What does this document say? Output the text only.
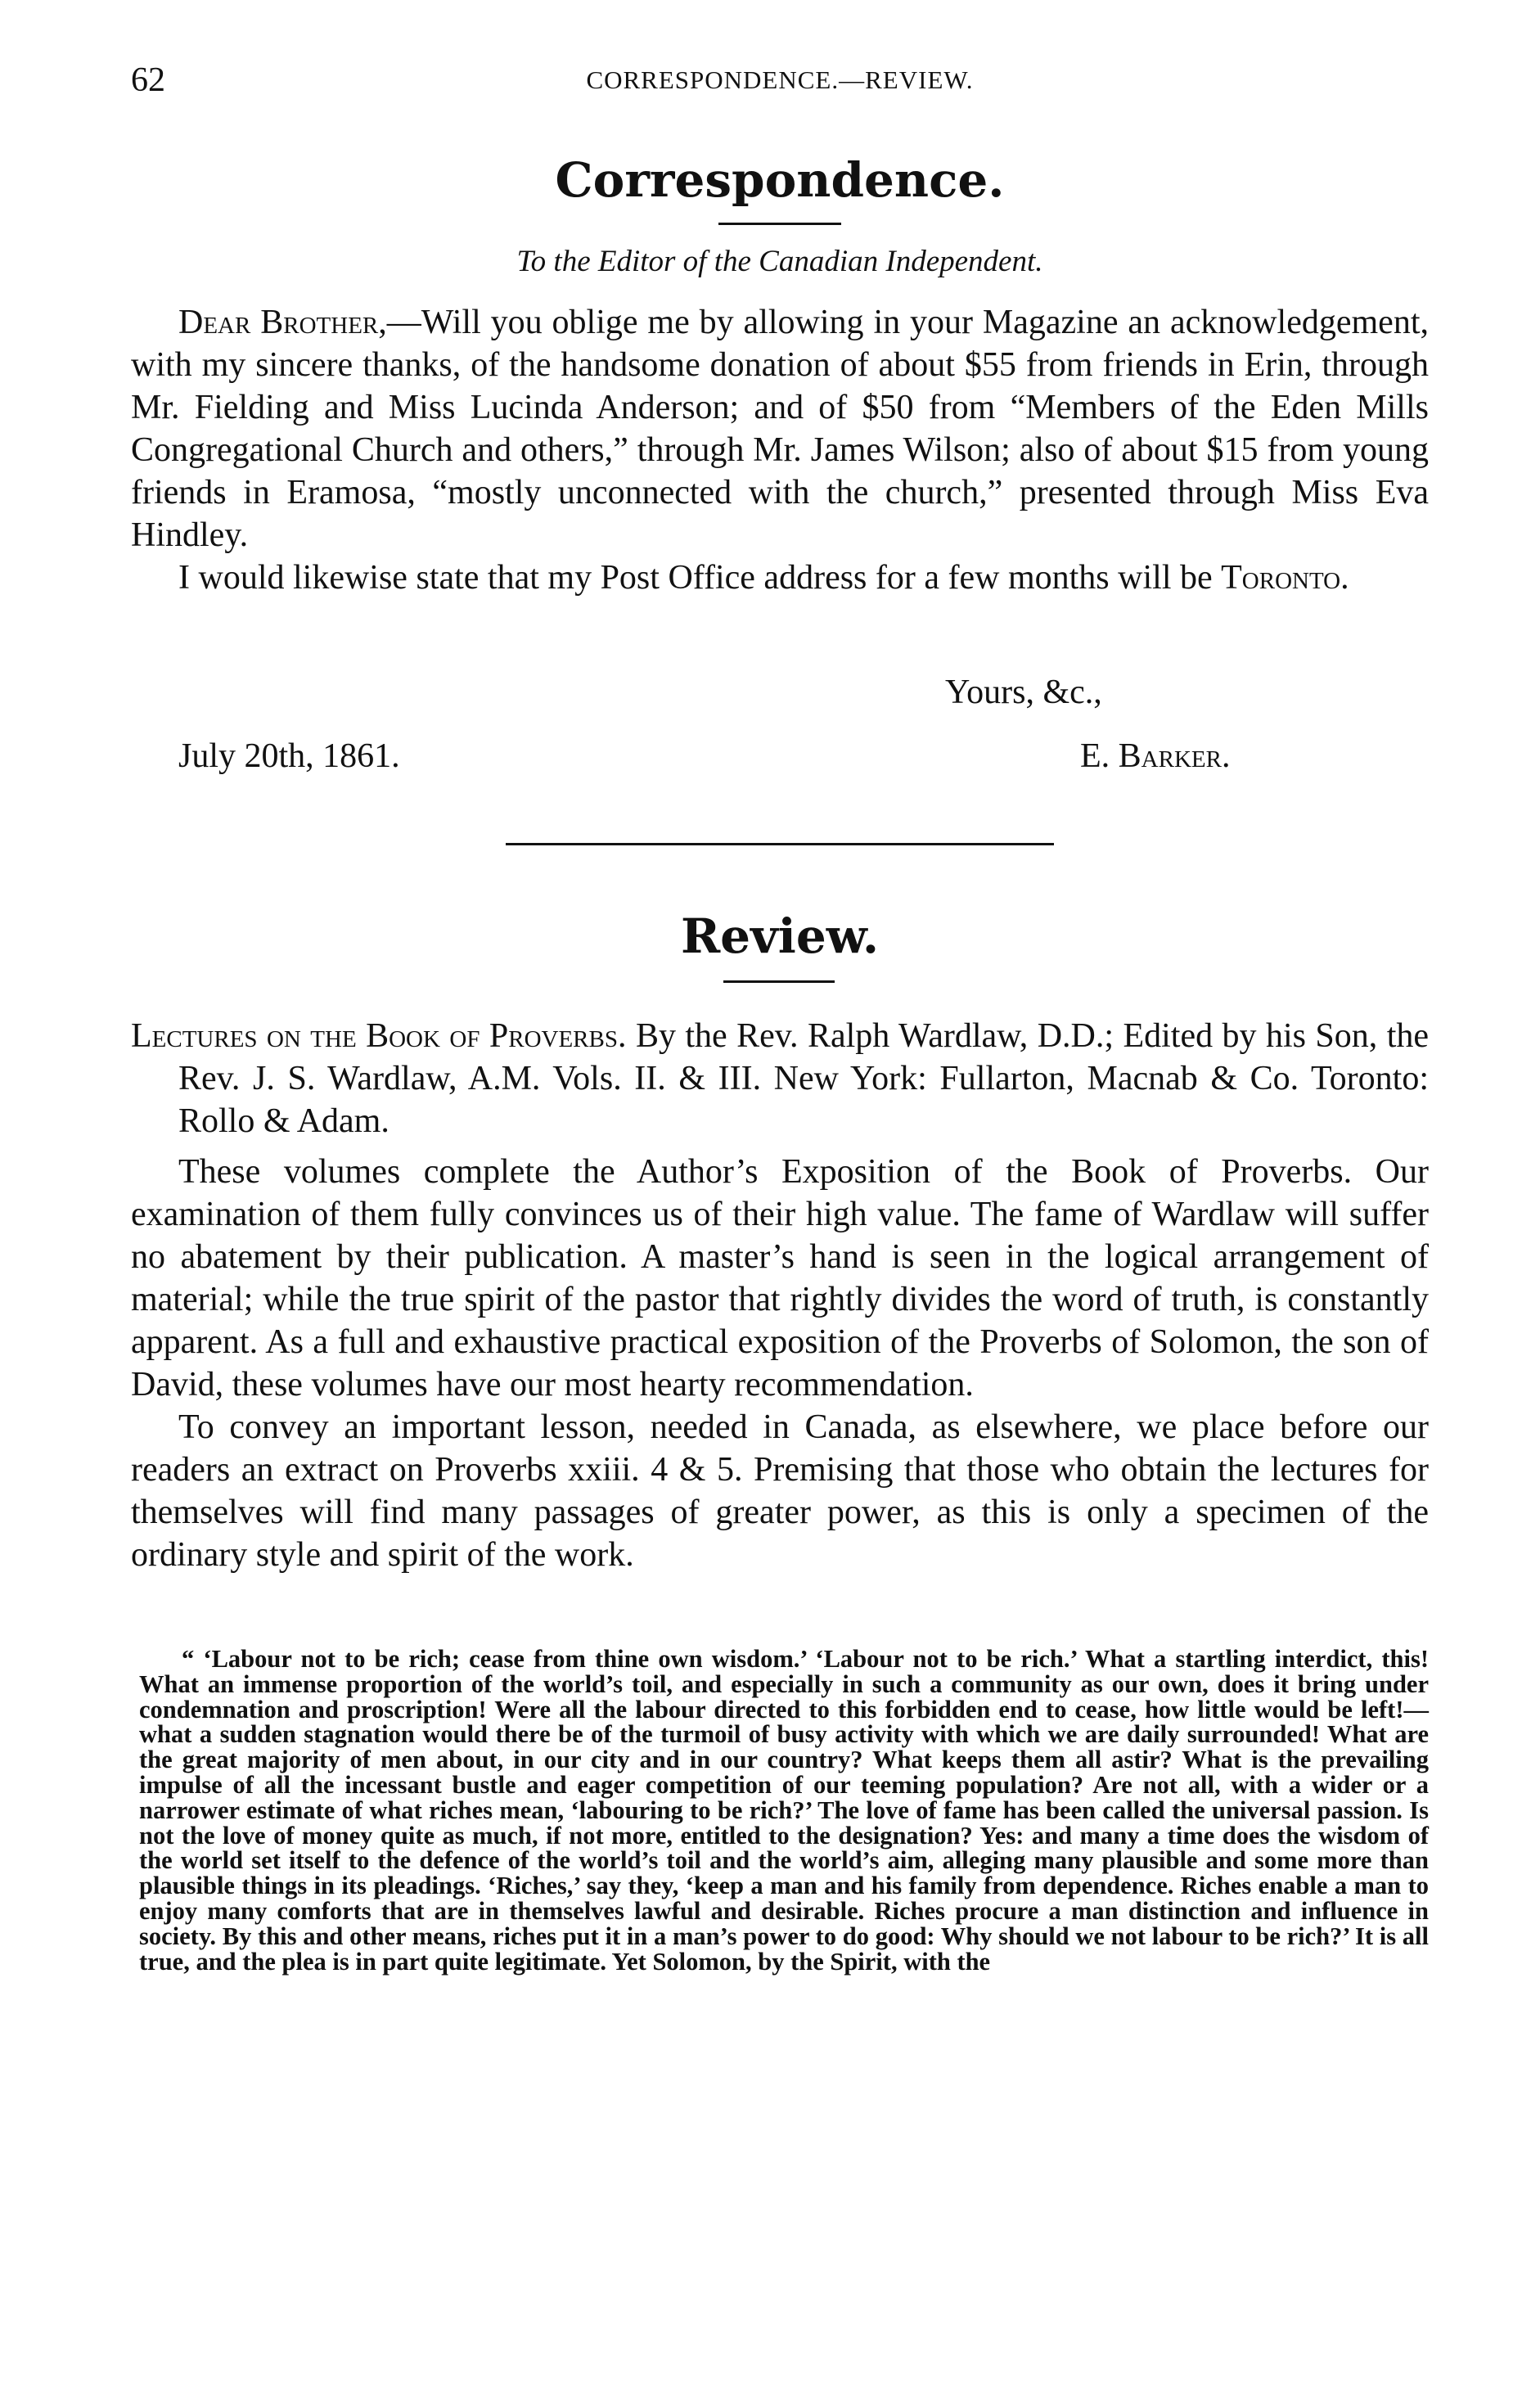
62	CORRESPONDENCE.—REVIEW.
Correspondence.
To the Editor of the Canadian Independent.

Dear Brother,—Will you oblige me by allowing in your Magazine an acknowledgement, with my sincere thanks, of the handsome donation of about $55 from friends in Erin, through Mr. Fielding and Miss Lucinda Anderson; and of $50 from “Members of the Eden Mills Congregational Church and others,” through Mr. James Wilson; also of about $15 from young friends in Eramosa, “mostly unconnected with the church,” presented through Miss Eva Hindley.

I would likewise state that my Post Office address for a few months will be Toronto.

Yours, &c.,
July 20th, 1861.	E. Barker.
Review.
Lectures on the Book of Proverbs. By the Rev. Ralph Wardlaw, D.D.; Edited by his Son, the Rev. J. S. Wardlaw, A.M. Vols. II. & III. New York: Fullarton, Macnab & Co. Toronto: Rollo & Adam.

These volumes complete the Author’s Exposition of the Book of Proverbs. Our examination of them fully convinces us of their high value. The fame of Wardlaw will suffer no abatement by their publication. A master’s hand is seen in the logical arrangement of material; while the true spirit of the pastor that rightly divides the word of truth, is constantly apparent. As a full and exhaustive practical exposition of the Proverbs of Solomon, the son of David, these volumes have our most hearty recommendation.

To convey an important lesson, needed in Canada, as elsewhere, we place before our readers an extract on Proverbs xxiii. 4 & 5. Premising that those who obtain the lectures for themselves will find many passages of greater power, as this is only a specimen of the ordinary style and spirit of the work.

“ ‘Labour not to be rich; cease from thine own wisdom.’ ‘Labour not to be rich.’ What a startling interdict, this! What an immense proportion of the world’s toil, and especially in such a community as our own, does it bring under condemnation and proscription! Were all the labour directed to this forbidden end to cease, how little would be left!—what a sudden stagnation would there be of the turmoil of busy activity with which we are daily surrounded! What are the great majority of men about, in our city and in our country? What keeps them all astir? What is the prevailing impulse of all the incessant bustle and eager competition of our teeming population? Are not all, with a wider or a narrower estimate of what riches mean, ‘labouring to be rich?’ The love of fame has been called the universal passion. Is not the love of money quite as much, if not more, entitled to the designation? Yes: and many a time does the wisdom of the world set itself to the defence of the world’s toil and the world’s aim, alleging many plausible and some more than plausible things in its pleadings. ‘Riches,’ say they, ‘keep a man and his family from dependence. Riches enable a man to enjoy many comforts that are in themselves lawful and desirable. Riches procure a man distinction and influence in society. By this and other means, riches put it in a man’s power to do good: Why should we not labour to be rich?’ It is all true, and the plea is in part quite legitimate. Yet Solomon, by the Spirit, with the
